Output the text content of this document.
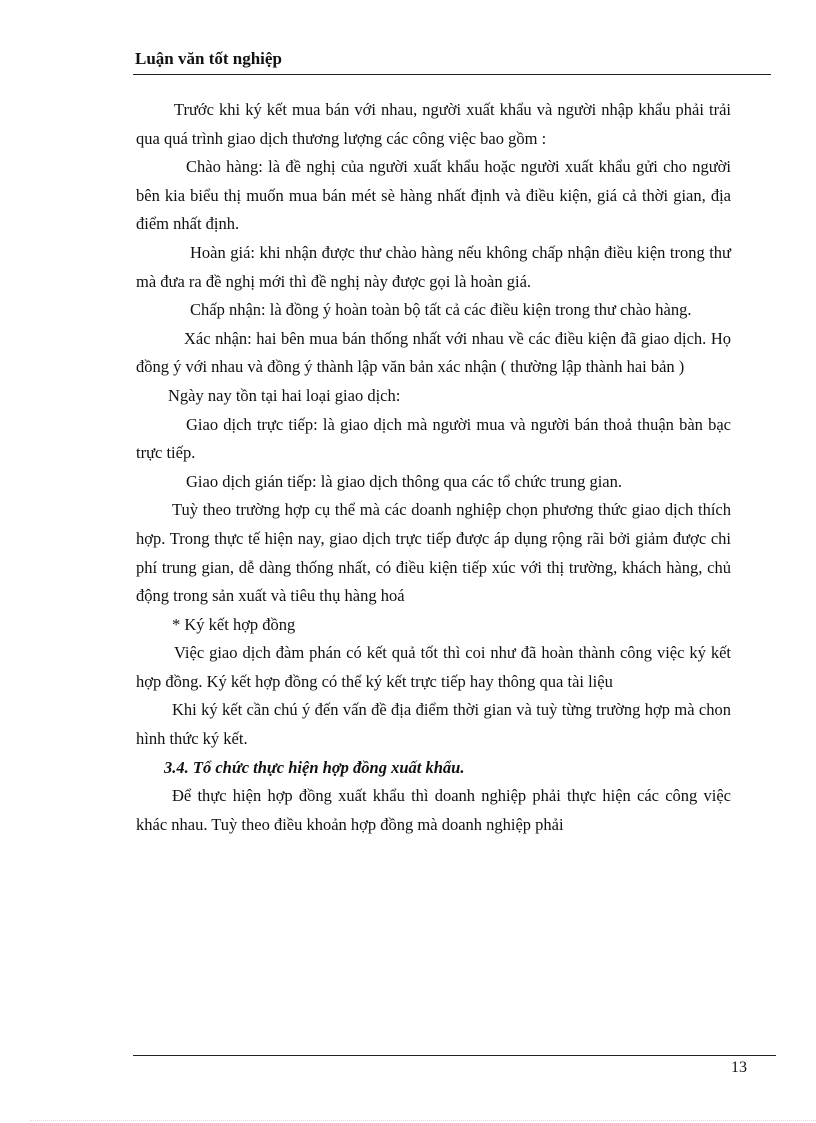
Luận văn tốt nghiệp

Trước khi ký kết mua bán với nhau, người xuất khẩu và người nhập khẩu phải trải qua quá trình giao dịch thương lượng các công việc bao gồm :

Chào hàng: là đề nghị của người xuất khẩu hoặc người xuất khẩu gửi cho người bên kia biểu thị muốn mua bán mét sè hàng nhất định và điều kiện, giá cả thời gian, địa điểm nhất định.

Hoàn giá: khi nhận được thư chào hàng nếu không chấp nhận điều kiện trong thư mà đưa ra đề nghị mới thì đề nghị này được gọi là hoàn giá.

Chấp nhận: là đồng ý hoàn toàn bộ tất cả các điều kiện trong thư chào hàng.

Xác nhận: hai bên mua bán thống nhất với nhau về các điều kiện đã giao dịch. Họ đồng ý với nhau và đồng ý thành lập văn bản xác nhận ( thường lập thành hai bản )

Ngày nay tồn tại hai loại giao dịch:

Giao dịch trực tiếp: là giao dịch mà người mua và người bán thoả thuận bàn bạc trực tiếp.

Giao dịch gián tiếp: là giao dịch thông qua các tổ chức trung gian.

Tuỳ theo trường hợp cụ thể mà các doanh nghiệp chọn phương thức giao dịch thích hợp. Trong thực tế hiện nay, giao dịch trực tiếp được áp dụng rộng rãi bởi giảm được chi phí trung gian, dễ dàng thống nhất, có điều kiện tiếp xúc với thị trường, khách hàng, chủ động trong sản xuất và tiêu thụ hàng hoá

* Ký kết hợp đồng

Việc giao dịch đàm phán có kết quả tốt thì coi như đã hoàn thành công việc ký kết hợp đồng. Ký kết hợp đồng có thể ký kết trực tiếp hay thông qua tài liệu

Khi ký kết cần chú ý đến vấn đề địa điểm thời gian và tuỳ từng trường hợp mà chon hình thức ký kết.

3.4. Tổ chức thực hiện hợp đồng xuất khẩu.

Để thực hiện hợp đồng xuất khẩu thì doanh nghiệp phải thực hiện các công việc khác nhau. Tuỳ theo điều khoản hợp đồng mà doanh nghiệp phải

13
